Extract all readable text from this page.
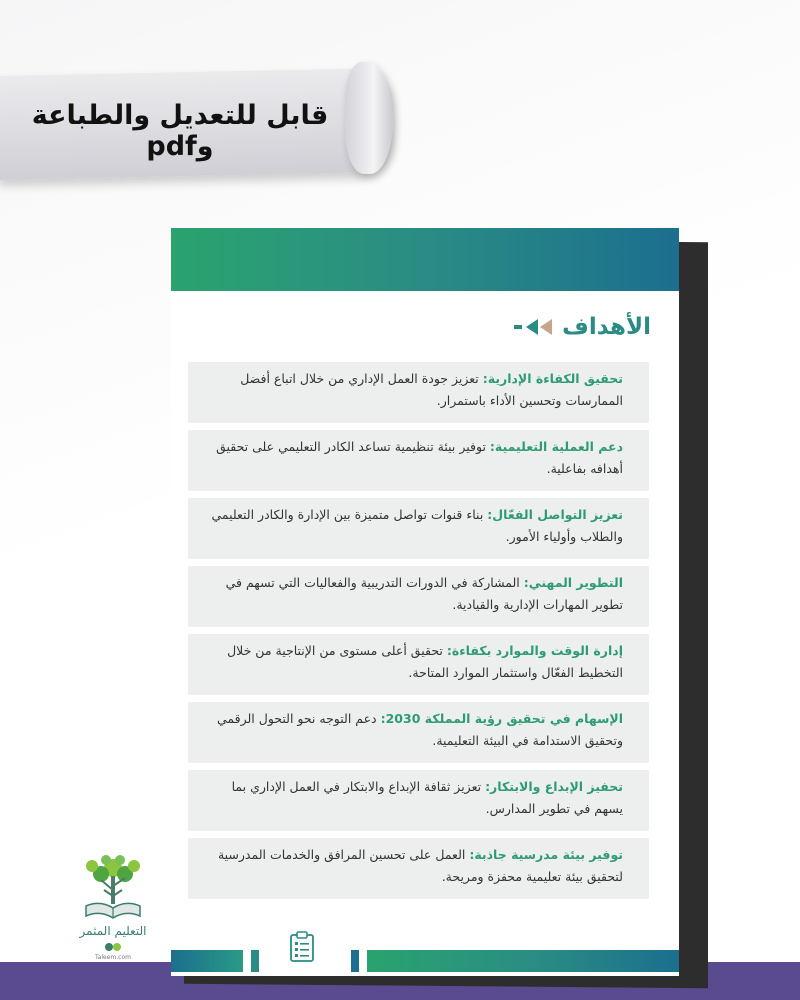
قابل للتعديل والطباعة وpdf
الأهداف
تحقيق الكفاءة الإدارية: تعزيز جودة العمل الإداري من خلال اتباع أفضل الممارسات وتحسين الأداء باستمرار.
دعم العملية التعليمية: توفير بيئة تنظيمية تساعد الكادر التعليمي على تحقيق أهدافه بفاعلية.
تعزيز التواصل الفعّال: بناء قنوات تواصل متميزة بين الإدارة والكادر التعليمي والطلاب وأولياء الأمور.
التطوير المهني: المشاركة في الدورات التدريبية والفعاليات التي تسهم في تطوير المهارات الإدارية والقيادية.
إدارة الوقت والموارد بكفاءة: تحقيق أعلى مستوى من الإنتاجية من خلال التخطيط الفعّال واستثمار الموارد المتاحة.
الإسهام في تحقيق رؤية المملكة 2030: دعم التوجه نحو التحول الرقمي وتحقيق الاستدامة في البيئة التعليمية.
تحفيز الإبداع والابتكار: تعزيز ثقافة الإبداع والابتكار في العمل الإداري بما يسهم في تطوير المدارس.
توفير بيئة مدرسية جاذبة: العمل على تحسين المرافق والخدمات المدرسية لتحقيق بيئة تعليمية محفزة ومريحة.
التعليم المثمر
Taleem.com
